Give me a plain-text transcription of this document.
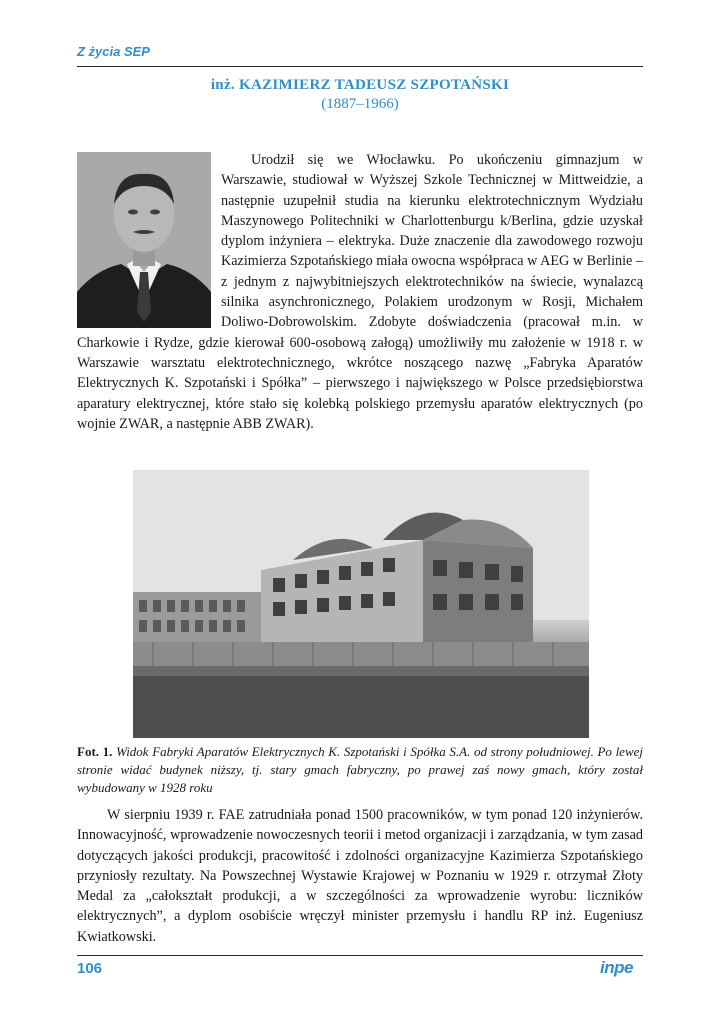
Z życia SEP
inż. KAZIMIERZ TADEUSZ SZPOTAŃSKI
(1887–1966)

Urodził się we Włocławku. Po ukończeniu gimnazjum w Warszawie, studiował w Wyższej Szkole Technicznej w Mittweidzie, a następnie uzupełnił studia na kierunku elektrotechnicznym Wydziału Maszynowego Politechniki w Charlottenburgu k/Berlina, gdzie uzyskał dyplom inżyniera – elektryka. Duże znaczenie dla zawodowego rozwoju Kazimierza Szpotańskiego miała owocna współpraca w AEG w Berlinie – z jednym z najwybitniejszych elektrotechników na świecie, wynalazcą silnika asynchronicznego, Polakiem urodzonym w Rosji, Michałem Doliwo-Dobrowolskim. Zdobyte doświadczenia (pracował m.in. w Charkowie i Rydze, gdzie kierował 600-osobową załogą) umożliwiły mu założenie w 1918 r. w Warszawie warsztatu elektrotechnicznego, wkrótce noszącego nazwę „Fabryka Aparatów Elektrycznych K. Szpotański i Spółka” – pierwszego i największego w Polsce przedsiębiorstwa aparatury elektrycznej, które stało się kolebką polskiego przemysłu aparatów elektrycznych (po wojnie ZWAR, a następnie ABB ZWAR).

Fot. 1. Widok Fabryki Aparatów Elektrycznych K. Szpotański i Spółka S.A. od strony południowej. Po lewej stronie widać budynek niższy, tj. stary gmach fabryczny, po prawej zaś nowy gmach, który został wybudowany w 1928 roku

W sierpniu 1939 r. FAE zatrudniała ponad 1500 pracowników, w tym ponad 120 inżynierów. Innowacyjność, wprowadzenie nowoczesnych teorii i metod organizacji i zarządzania, w tym zasad dotyczących jakości produkcji, pracowitość i zdolności organizacyjne Kazimierza Szpotańskiego przyniosły rezultaty. Na Powszechnej Wystawie Krajowej w Poznaniu w 1929 r. otrzymał Złoty Medal za „całokształt produkcji, a w szczególności za wprowadzenie wyrobu: liczników elektrycznych”, a dyplom osobiście wręczył minister przemysłu i handlu RP inż. Eugeniusz Kwiatkowski.

106	inpe
